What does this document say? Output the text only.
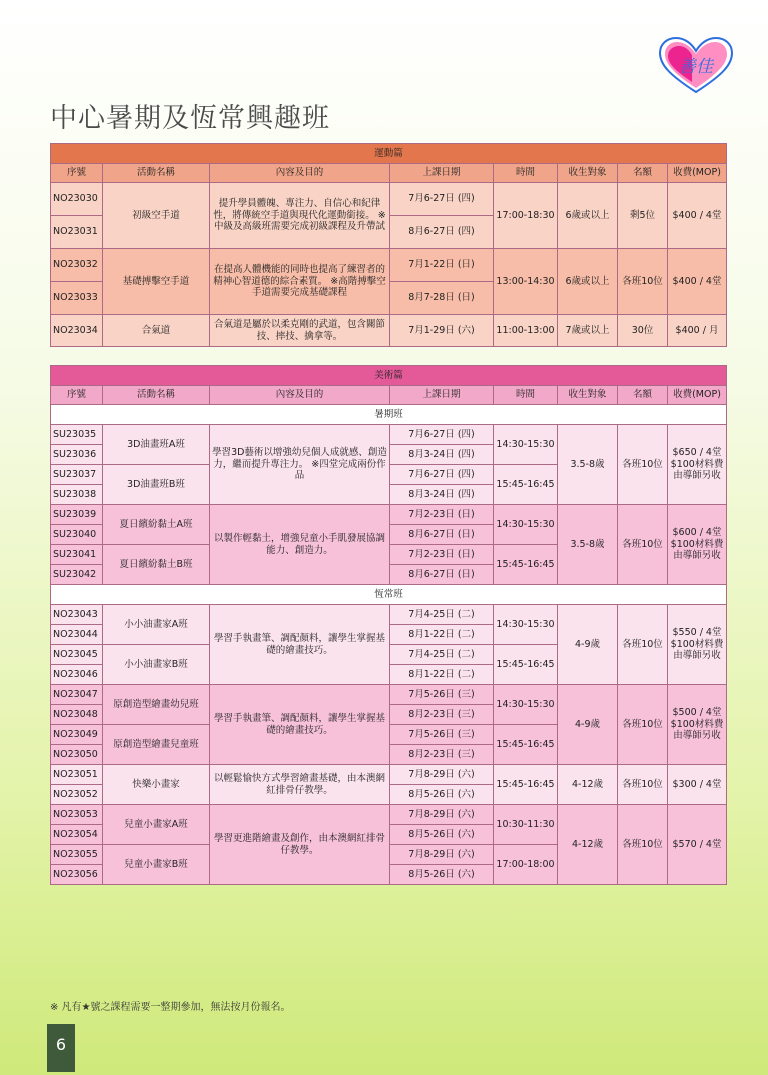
善佳
中心暑期及恆常興趣班
運動篇							
序號	活動名稱	內容及目的	上課日期	時間	收生對象	名額	收費(MOP)
NO23030	初級空手道	提升學員體魄、專注力、自信心和紀律性，將傳統空手道與現代化運動銜接。 ※中級及高級班需要完成初級課程及升帶試	7月6-27日 (四)	17:00-18:30	6歲或以上	剩5位	$400 / 4堂
NO23031			8月6-27日 (四)				
NO23032	基礎搏擊空手道	在提高人體機能的同時也提高了練習者的精神心智道德的綜合素質。 ※高階搏擊空手道需要完成基礎課程	7月1-22日 (日)	13:00-14:30	6歲或以上	各班10位	$400 / 4堂
NO23033			8月7-28日 (日)				
NO23034	合氣道	合氣道是屬於以柔克剛的武道，包含關節技、摔技、擒拿等。	7月1-29日 (六)	11:00-13:00	7歲或以上	30位	$400 / 月
美術篇							
序號	活動名稱	內容及目的	上課日期	時間	收生對象	名額	收費(MOP)
暑期班							
SU23035	3D油畫班A班	學習3D藝術以增強幼兒個人成就感、創造力，繼而提升專注力。 ※四堂完成兩份作品	7月6-27日 (四)	14:30-15:30	3.5-8歲	各班10位	$650 / 4堂 $100材料費 由導師另收
SU23036			8月3-24日 (四)				
SU23037	3D油畫班B班		7月6-27日 (四)	15:45-16:45			
SU23038			8月3-24日 (四)				
SU23039	夏日繽紛黏土A班	以製作輕黏土，增強兒童小手肌發展協調能力、創造力。	7月2-23日 (日)	14:30-15:30	3.5-8歲	各班10位	$600 / 4堂 $100材料費 由導師另收
SU23040			8月6-27日 (日)				
SU23041	夏日繽紛黏土B班		7月2-23日 (日)	15:45-16:45			
SU23042			8月6-27日 (日)				
恆常班							
NO23043	小小油畫家A班	學習手執畫筆、調配顏料，讓學生掌握基礎的繪畫技巧。	7月4-25日 (二)	14:30-15:30	4-9歲	各班10位	$550 / 4堂 $100材料費 由導師另收
NO23044			8月1-22日 (二)				
NO23045	小小油畫家B班		7月4-25日 (二)	15:45-16:45			
NO23046			8月1-22日 (二)				
NO23047	原創造型繪畫幼兒班	學習手執畫筆、調配顏料，讓學生掌握基礎的繪畫技巧。	7月5-26日 (三)	14:30-15:30	4-9歲	各班10位	$500 / 4堂 $100材料費 由導師另收
NO23048			8月2-23日 (三)				
NO23049	原創造型繪畫兒童班		7月5-26日 (三)	15:45-16:45			
NO23050			8月2-23日 (三)				
NO23051	快樂小畫家	以輕鬆愉快方式學習繪畫基礎，由本澳網紅排骨仔教學。	7月8-29日 (六)	15:45-16:45	4-12歲	各班10位	$300 / 4堂
NO23052			8月5-26日 (六)				
NO23053	兒童小畫家A班	學習更進階繪畫及創作，由本澳網紅排骨仔教學。	7月8-29日 (六)	10:30-11:30	4-12歲	各班10位	$570 / 4堂
NO23054			8月5-26日 (六)				
NO23055	兒童小畫家B班		7月8-29日 (六)	17:00-18:00			
NO23056			8月5-26日 (六)				

※ 凡有★號之課程需要一整期參加，無法按月份報名。

6
